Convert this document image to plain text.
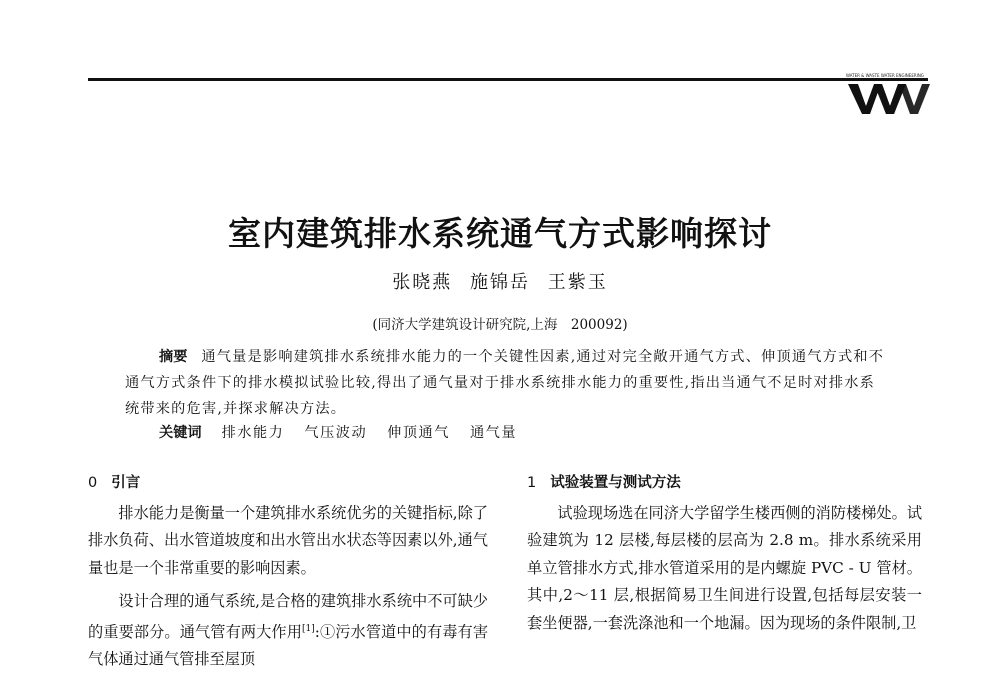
WATER & WASTE WATER ENGINEERING
室内建筑排水系统通气方式影响探讨
张晓燕 施锦岳 王紫玉
(同济大学建筑设计研究院,上海　200092)
摘要 通气量是影响建筑排水系统排水能力的一个关键性因素,通过对完全敞开通气方式、伸顶通气方式和不通气方式条件下的排水模拟试验比较,得出了通气量对于排水系统排水能力的重要性,指出当通气不足时对排水系统带来的危害,并探求解决方法。
关键词 排水能力 气压波动 伸顶通气 通气量
0 引言

排水能力是衡量一个建筑排水系统优劣的关键指标,除了排水负荷、出水管道坡度和出水管出水状态等因素以外,通气量也是一个非常重要的影响因素。

设计合理的通气系统,是合格的建筑排水系统中不可缺少的重要部分。通气管有两大作用[1]:①污水管道中的有毒有害气体通过通气管排至屋顶

1 试验装置与测试方法

试验现场选在同济大学留学生楼西侧的消防楼梯处。试验建筑为 12 层楼,每层楼的层高为 2.8 m。排水系统采用单立管排水方式,排水管道采用的是内螺旋 PVC - U 管材。其中,2～11 层,根据简易卫生间进行设置,包括每层安装一套坐便器,一套洗涤池和一个地漏。因为现场的条件限制,卫
